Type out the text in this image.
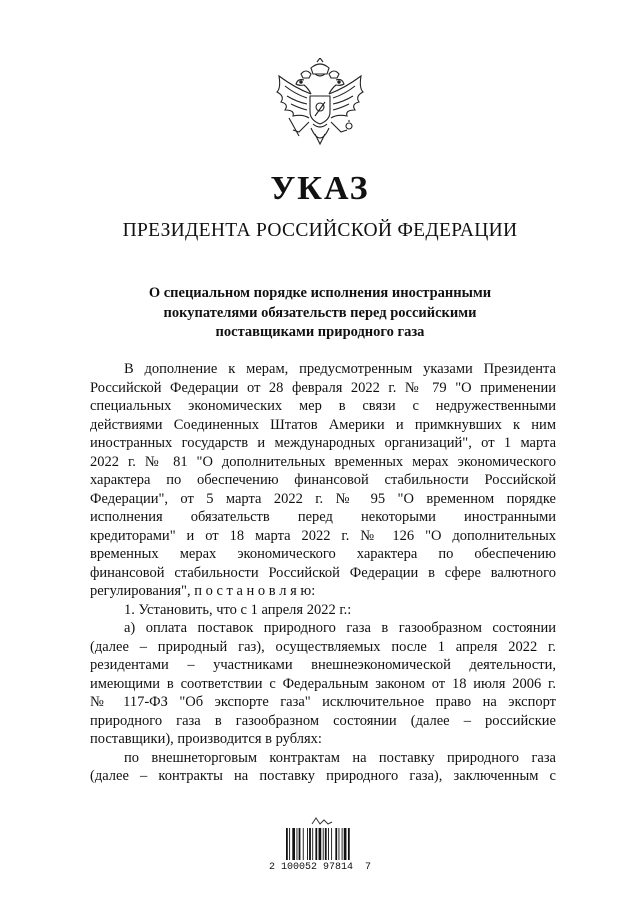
УКАЗ
ПРЕЗИДЕНТА РОССИЙСКОЙ ФЕДЕРАЦИИ
О специальном порядке исполнения иностранными
покупателями обязательств перед российскими
поставщиками природного газа
В дополнение к мерам, предусмотренным указами Президента
Российской Федерации от 28 февраля 2022 г. № 79 "О применении
специальных экономических мер в связи с недружественными
действиями Соединенных Штатов Америки и примкнувших к ним
иностранных государств и международных организаций", от 1 марта
2022 г. № 81 "О дополнительных временных мерах экономического
характера по обеспечению финансовой стабильности Российской
Федерации", от 5 марта 2022 г. № 95 "О временном порядке
исполнения обязательств перед некоторыми иностранными
кредиторами" и от 18 марта 2022 г. № 126 "О дополнительных
временных мерах экономического характера по обеспечению
финансовой стабильности Российской Федерации в сфере валютного
регулирования", п о с т а н о в л я ю:
1. Установить, что с 1 апреля 2022 г.:
а) оплата поставок природного газа в газообразном состоянии
(далее – природный газ), осуществляемых после 1 апреля 2022 г.
резидентами – участниками внешнеэкономической деятельности,
имеющими в соответствии с Федеральным законом от 18 июля 2006 г.
№ 117-ФЗ "Об экспорте газа" исключительное право на экспорт
природного газа в газообразном состоянии (далее – российские
поставщики), производится в рублях:
по внешнеторговым контрактам на поставку природного газа
(далее – контракты на поставку природного газа), заключенным с
2 100052 97814  7
